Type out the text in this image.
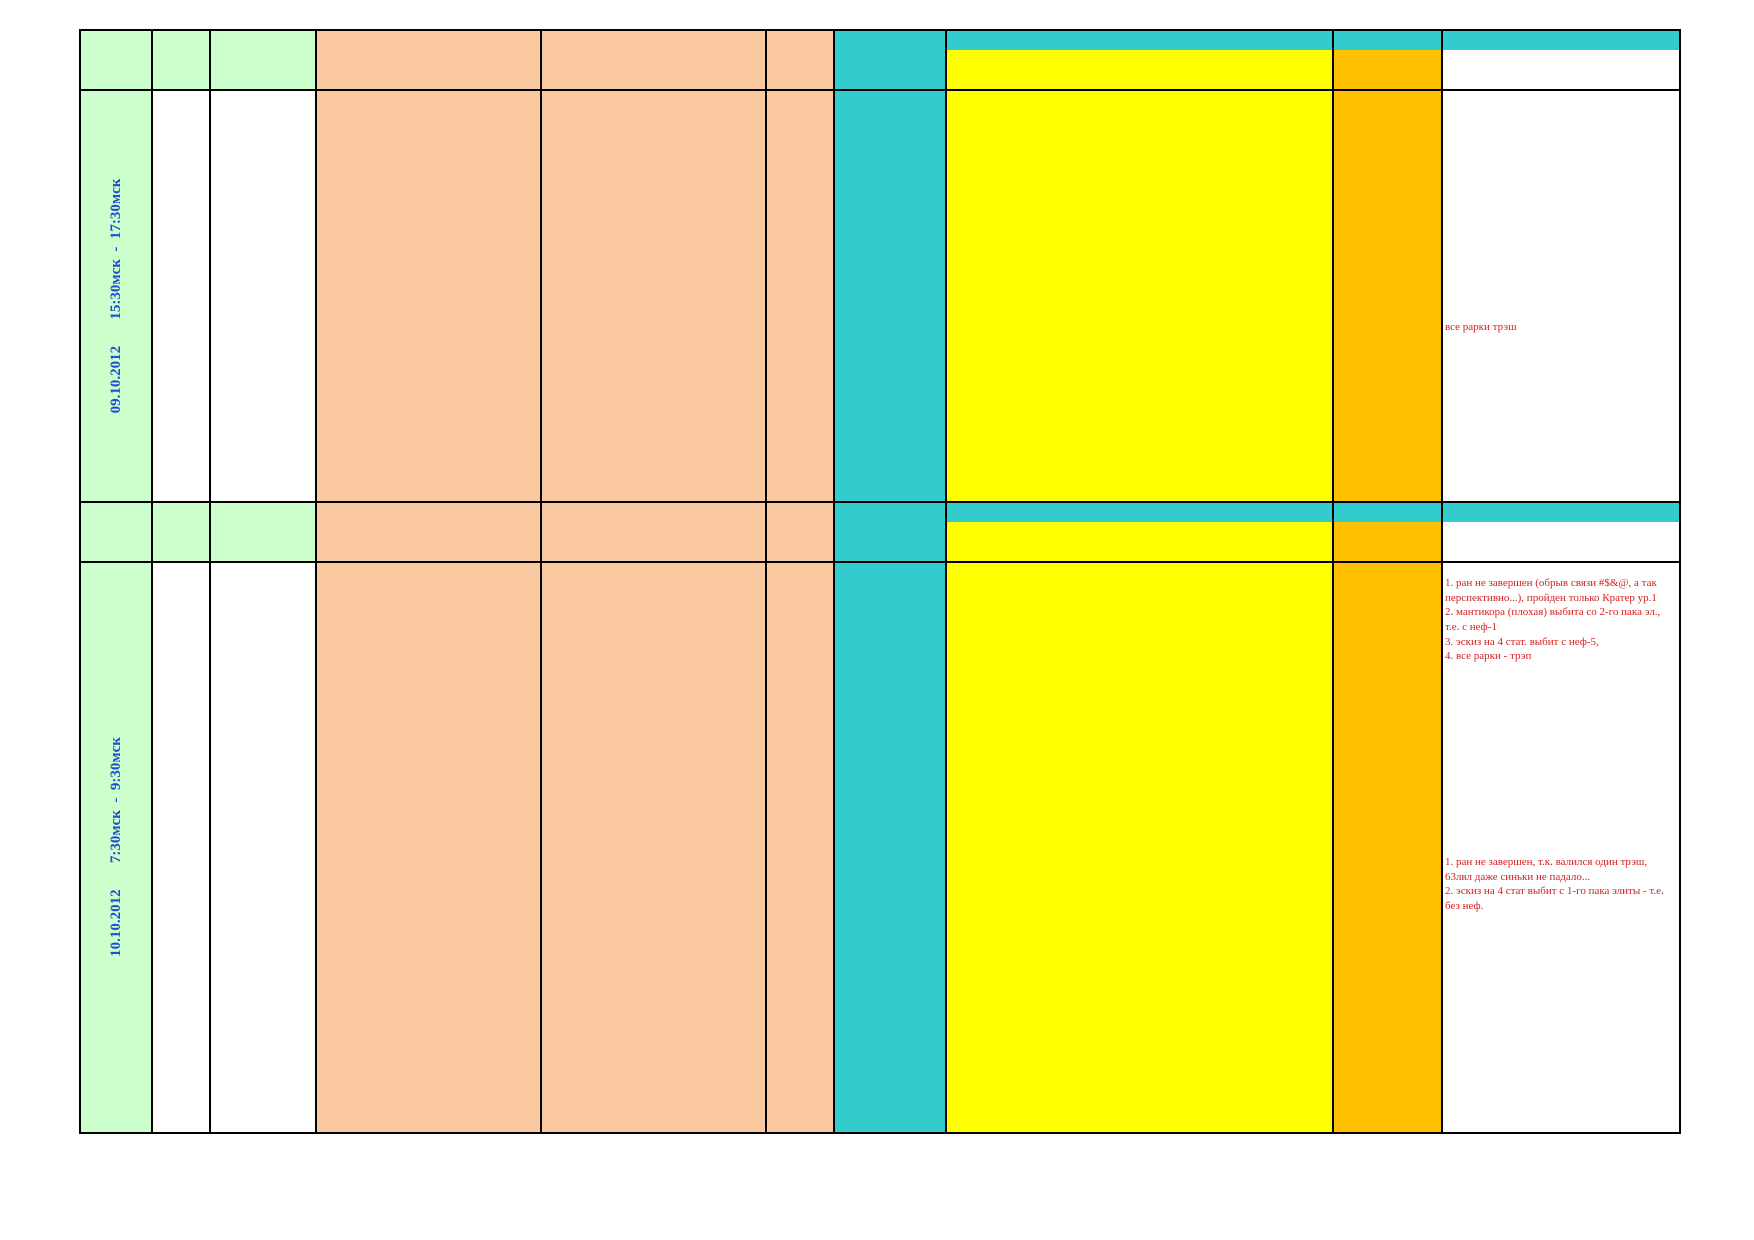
все рарки трэш
09.10.2012       15:30мск  -  17:30мск
1. ран не завершен (обрыв связи #$&@, а так перспективно...), пройден только Кратер ур.1
2. мантикора (плохая) выбита со 2-го пака эл., т.е. с неф-1
3. эскиз на 4 стат. выбит с неф-5,
4. все рарки - трэп
1. ран не завершен, т.к. валился один трэш, 63лвл даже синьки не падало...
2. эскиз на 4 стат выбит с 1-го пака элиты - т.е. без неф.
10.10.2012       7:30мск  -  9:30мск
